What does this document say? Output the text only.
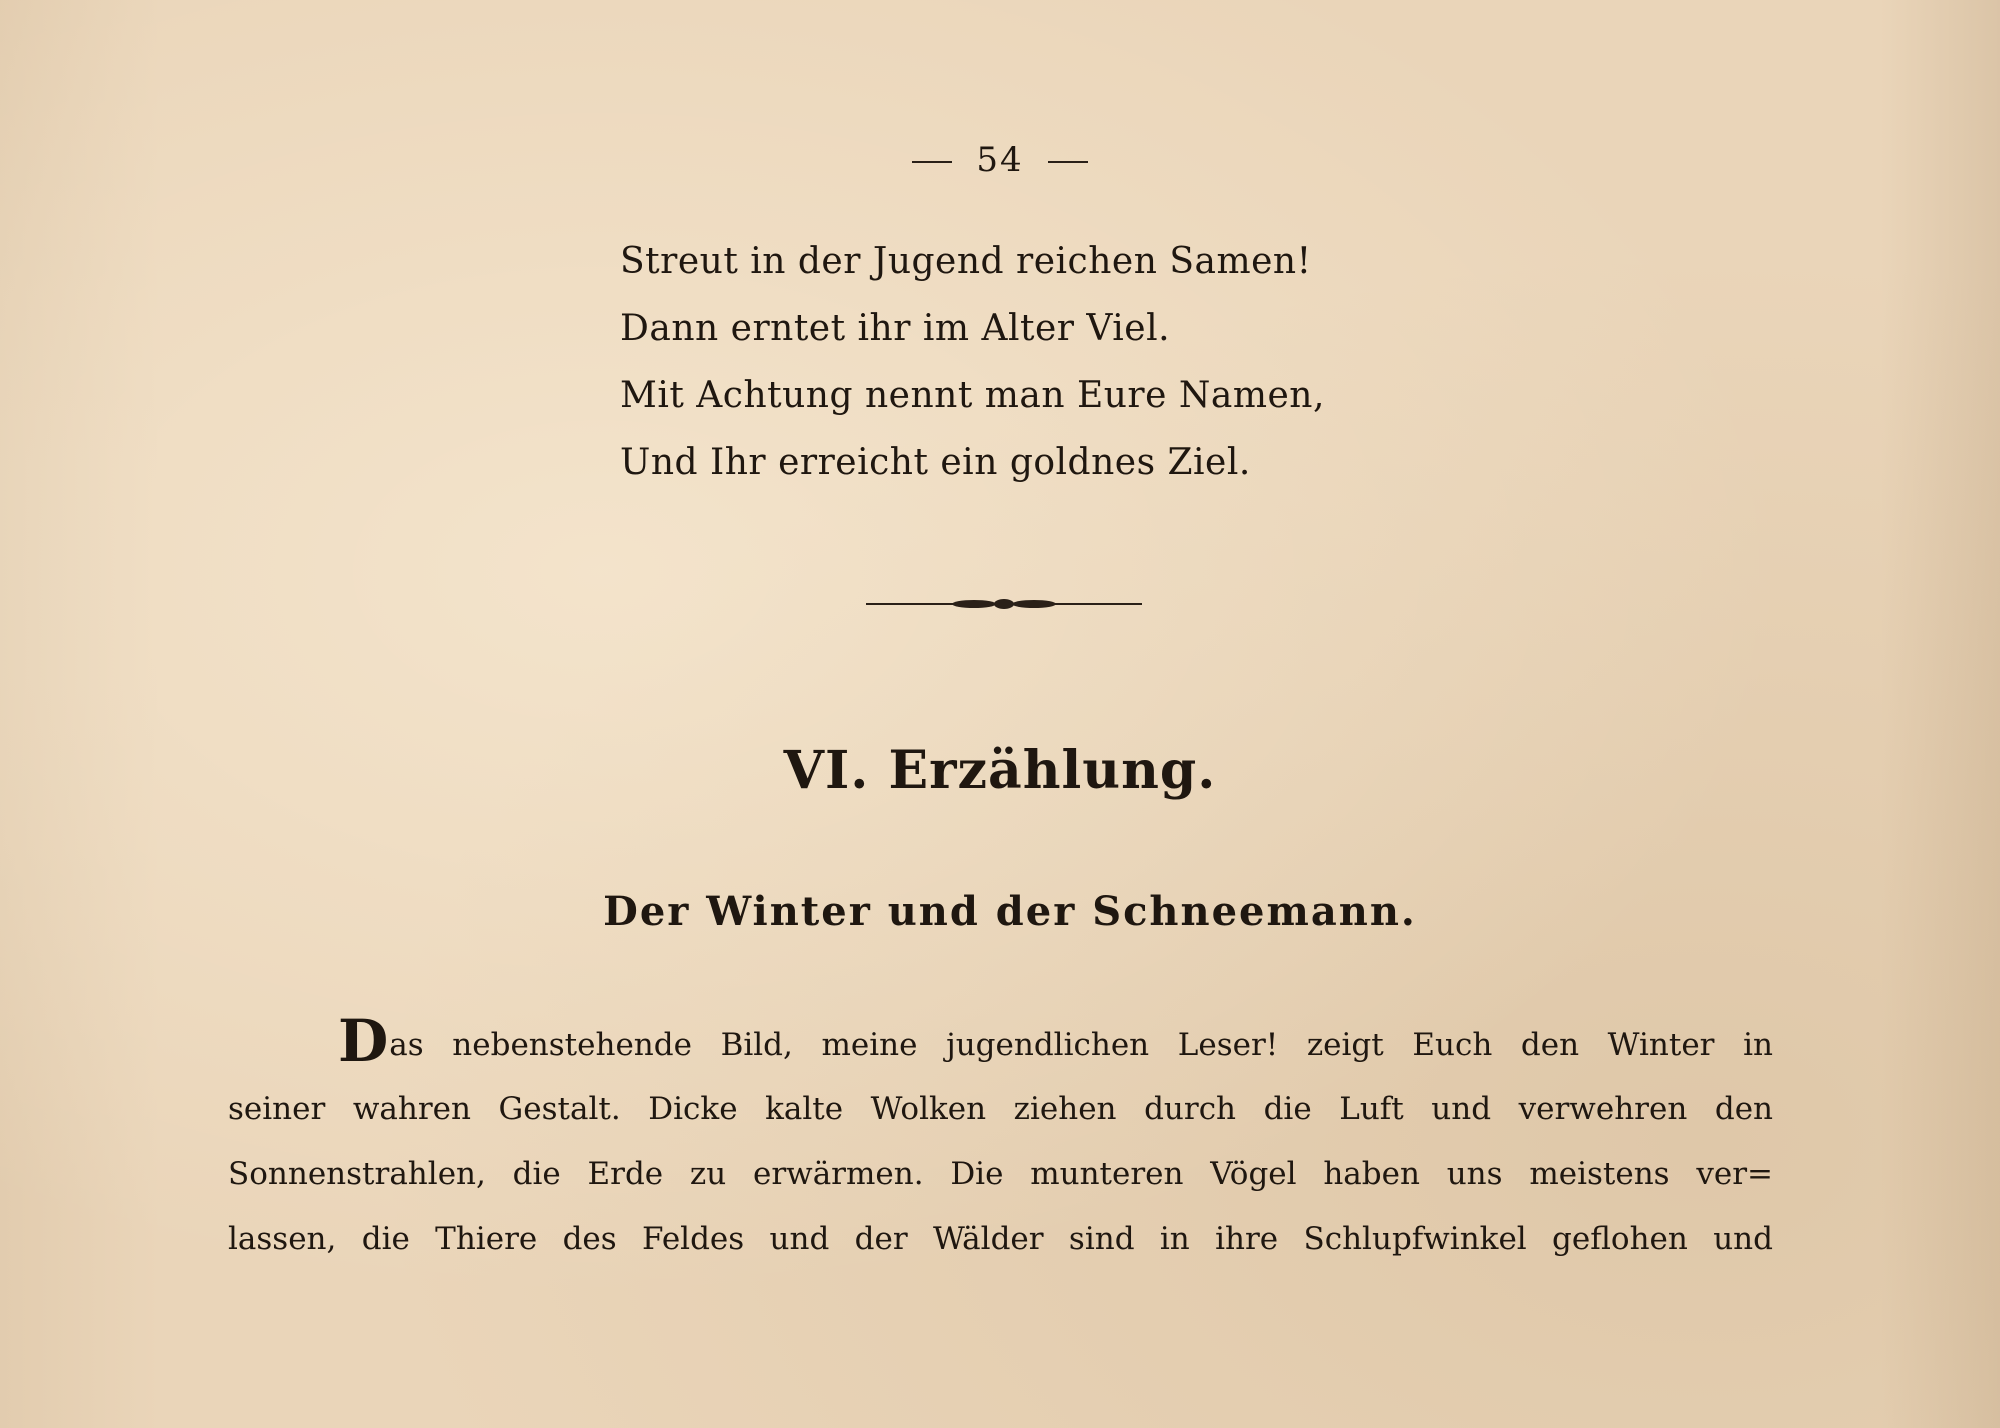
54
Streut in der Jugend reichen Samen!
Dann erntet ihr im Alter Viel.
Mit Achtung nennt man Eure Namen,
Und Ihr erreicht ein goldnes Ziel.
VI. Erzählung.
Der Winter und der Schneemann.
Das nebenstehende Bild, meine jugendlichen Leser! zeigt Euch den Winter in
seiner wahren Gestalt. Dicke kalte Wolken ziehen durch die Luft und verwehren den
Sonnenstrahlen, die Erde zu erwärmen. Die munteren Vögel haben uns meistens ver=
lassen, die Thiere des Feldes und der Wälder sind in ihre Schlupfwinkel geflohen und
